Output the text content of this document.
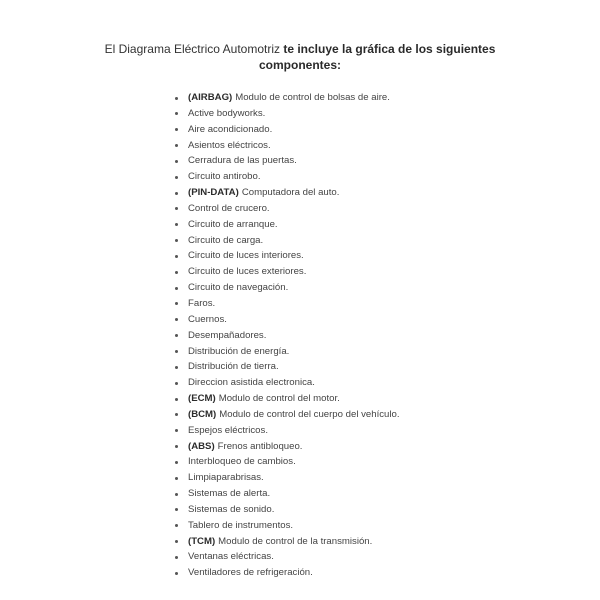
El Diagrama Eléctrico Automotriz te incluye la gráfica de los siguientes
componentes:
(AIRBAG) Modulo de control de bolsas de aire.
Active bodyworks.
Aire acondicionado.
Asientos eléctricos.
Cerradura de las puertas.
Circuito antirobo.
(PIN-DATA) Computadora del auto.
Control de crucero.
Circuito de arranque.
Circuito de carga.
Circuito de luces interiores.
Circuito de luces exteriores.
Circuito de navegación.
Faros.
Cuernos.
Desempañadores.
Distribución de energía.
Distribución de tierra.
Direccion asistida electronica.
(ECM) Modulo de control del motor.
(BCM) Modulo de control del cuerpo del vehículo.
Espejos eléctricos.
(ABS) Frenos antibloqueo.
Interbloqueo de cambios.
Limpiaparabrisas.
Sistemas de alerta.
Sistemas de sonido.
Tablero de instrumentos.
(TCM) Modulo de control de la transmisión.
Ventanas eléctricas.
Ventiladores de refrigeración.
